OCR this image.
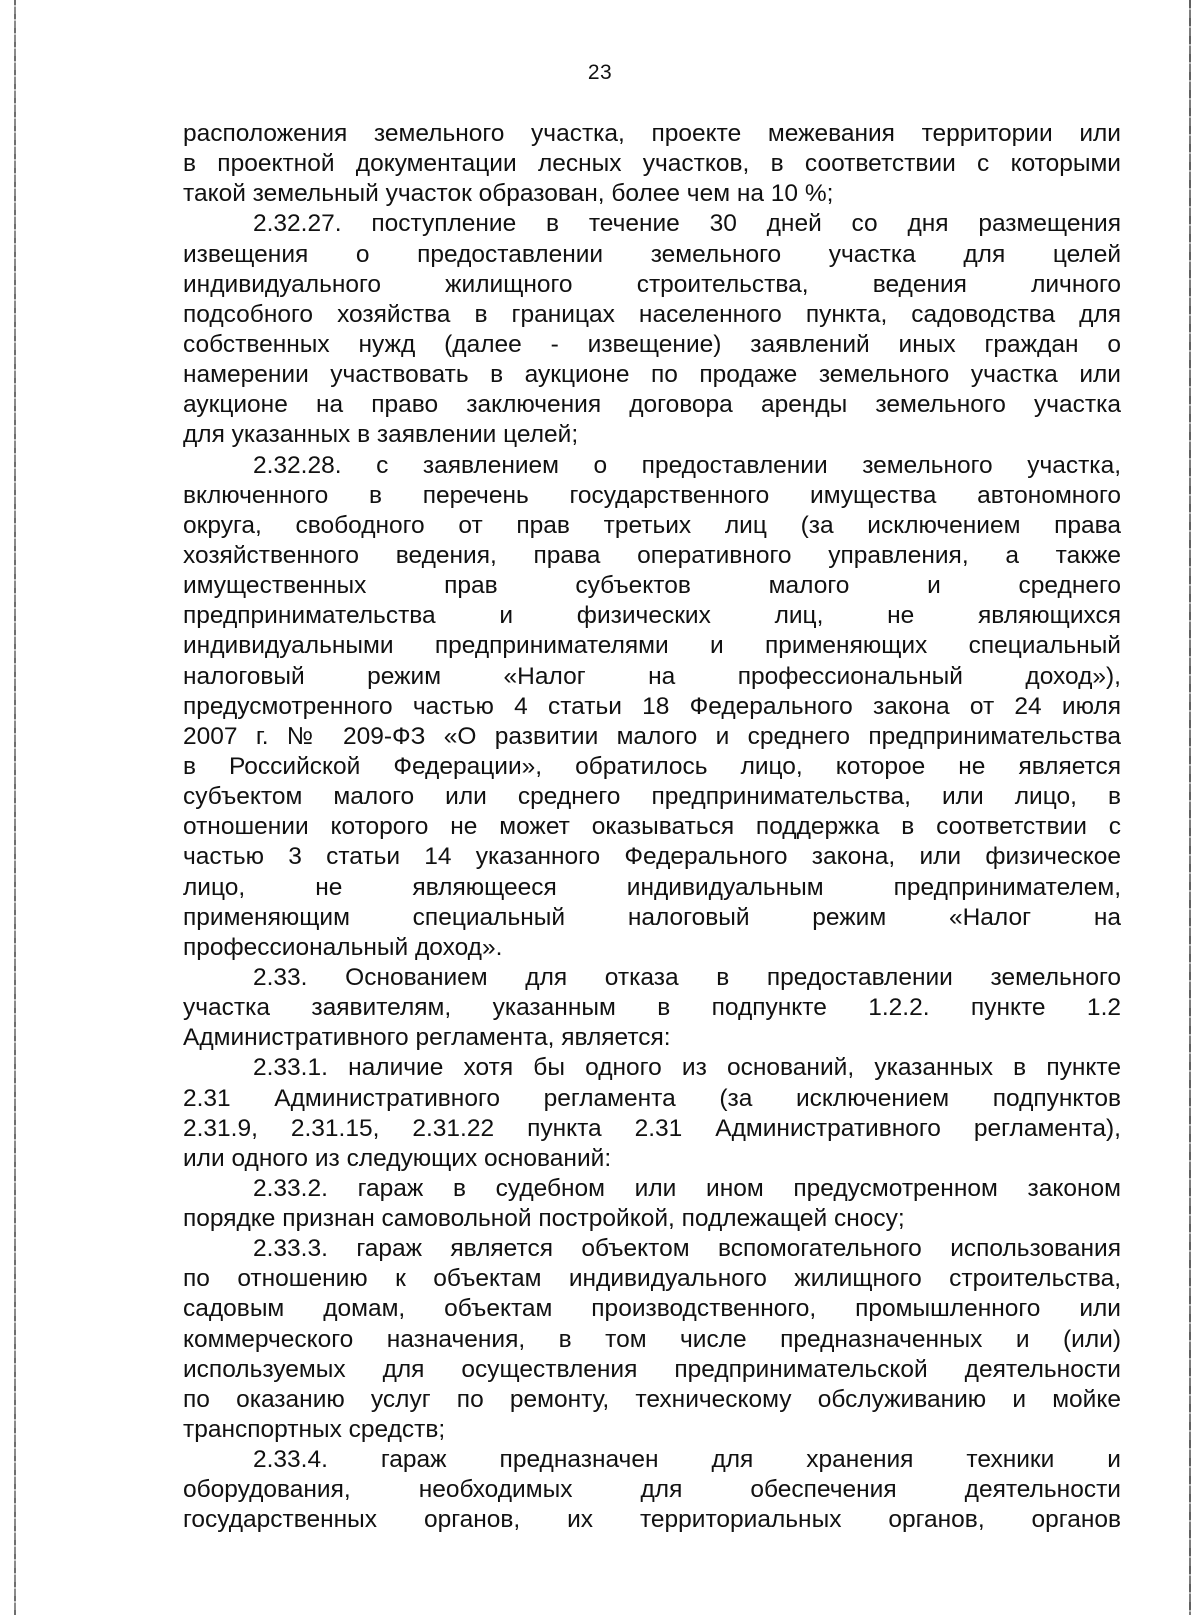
23
расположения земельного участка, проекте межевания территории или
в проектной документации лесных участков, в соответствии с которыми
такой земельный участок образован, более чем на 10 %;
2.32.27. поступление в течение 30 дней со дня размещения
извещения о предоставлении земельного участка для целей
индивидуального жилищного строительства, ведения личного
подсобного хозяйства в границах населенного пункта, садоводства для
собственных нужд (далее - извещение) заявлений иных граждан о
намерении участвовать в аукционе по продаже земельного участка или
аукционе на право заключения договора аренды земельного участка
для указанных в заявлении целей;
2.32.28. с заявлением о предоставлении земельного участка,
включенного в перечень государственного имущества автономного
округа, свободного от прав третьих лиц (за исключением права
хозяйственного ведения, права оперативного управления, а также
имущественных прав субъектов малого и среднего
предпринимательства и физических лиц, не являющихся
индивидуальными предпринимателями и применяющих специальный
налоговый режим «Налог на профессиональный доход»),
предусмотренного частью 4 статьи 18 Федерального закона от 24 июля
2007 г. № 209-ФЗ «О развитии малого и среднего предпринимательства
в Российской Федерации», обратилось лицо, которое не является
субъектом малого или среднего предпринимательства, или лицо, в
отношении которого не может оказываться поддержка в соответствии с
частью 3 статьи 14 указанного Федерального закона, или физическое
лицо, не являющееся индивидуальным предпринимателем,
применяющим специальный налоговый режим «Налог на
профессиональный доход».
2.33. Основанием для отказа в предоставлении земельного
участка заявителям, указанным в подпункте 1.2.2. пункте 1.2
Административного регламента, является:
2.33.1. наличие хотя бы одного из оснований, указанных в пункте
2.31 Административного регламента (за исключением подпунктов
2.31.9, 2.31.15, 2.31.22 пункта 2.31 Административного регламента),
или одного из следующих оснований:
2.33.2. гараж в судебном или ином предусмотренном законом
порядке признан самовольной постройкой, подлежащей сносу;
2.33.3. гараж является объектом вспомогательного использования
по отношению к объектам индивидуального жилищного строительства,
садовым домам, объектам производственного, промышленного или
коммерческого назначения, в том числе предназначенных и (или)
используемых для осуществления предпринимательской деятельности
по оказанию услуг по ремонту, техническому обслуживанию и мойке
транспортных средств;
2.33.4. гараж предназначен для хранения техники и
оборудования, необходимых для обеспечения деятельности
государственных органов, их территориальных органов, органов
